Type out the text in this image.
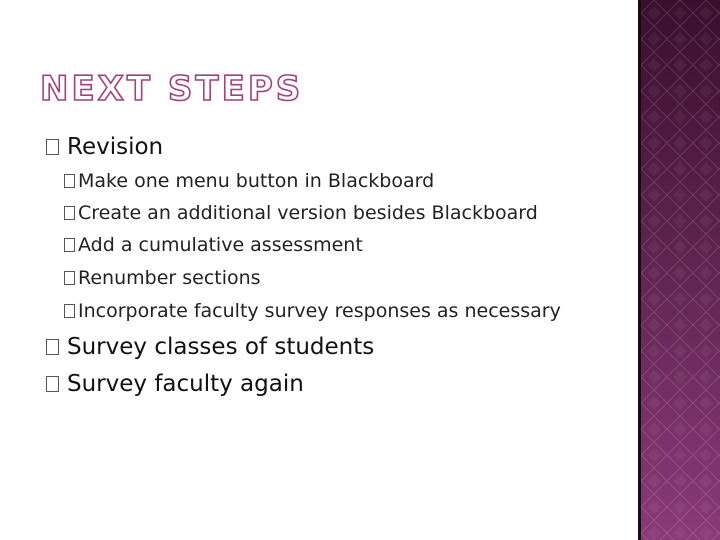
NEXT STEPS
Revision
Make one menu button in Blackboard
Create an additional version besides Blackboard
Add a cumulative assessment
Renumber sections
Incorporate faculty survey responses as necessary
Survey classes of students
Survey faculty again
